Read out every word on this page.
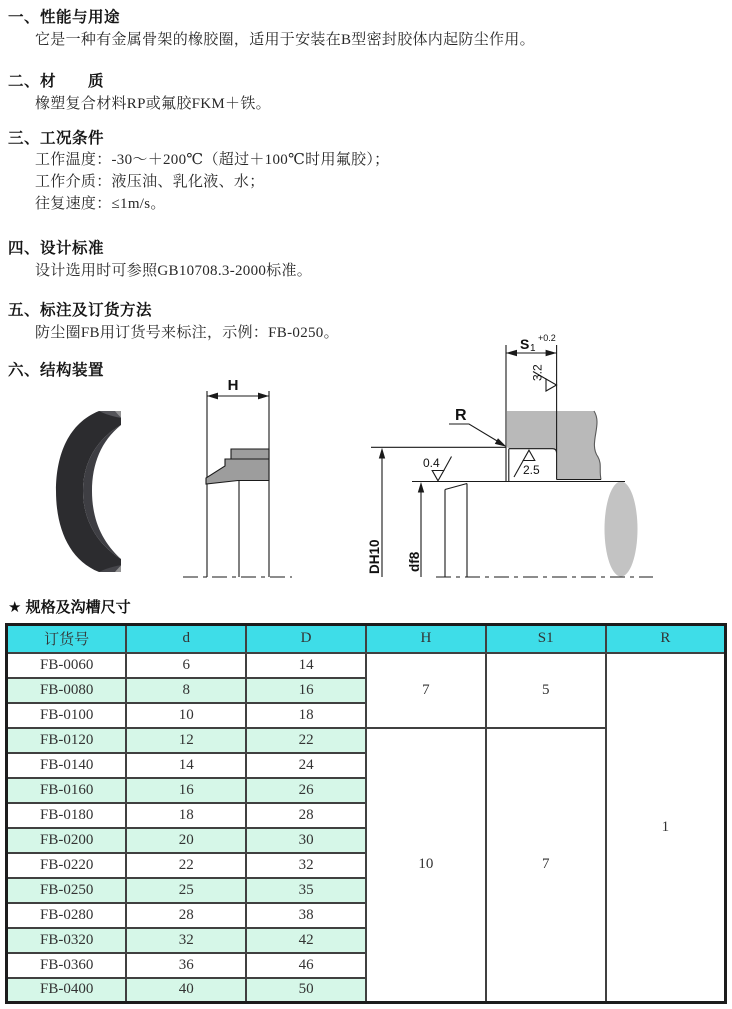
一、性能与用途
它是一种有金属骨架的橡胶圈，适用于安装在B型密封胶体内起防尘作用。
二、材　　质
橡塑复合材料RP或氟胶FKM＋铁。
三、工况条件
工作温度：-30～＋200℃（超过＋100℃时用氟胶）；
工作介质：液压油、乳化液、水；
往复速度：≤1m/s。
四、设计标准
设计选用时可参照GB10708.3-2000标准。
五、标注及订货方法
防尘圈FB用订货号来标注，示例：FB-0250。
六、结构装置
H
3.2
S 1
+0.2
R
0.4	2.5
DH10 df8
★ 规格及沟槽尺寸
订货号	d	D	H	S1	R
FB-0060	6	14	7	5	1
FB-0080	8	16			
FB-0100	10	18			
FB-0120	12	22	10	7	
FB-0140	14	24			
FB-0160	16	26			
FB-0180	18	28			
FB-0200	20	30			
FB-0220	22	32			
FB-0250	25	35			
FB-0280	28	38			
FB-0320	32	42			
FB-0360	36	46			
FB-0400	40	50			
